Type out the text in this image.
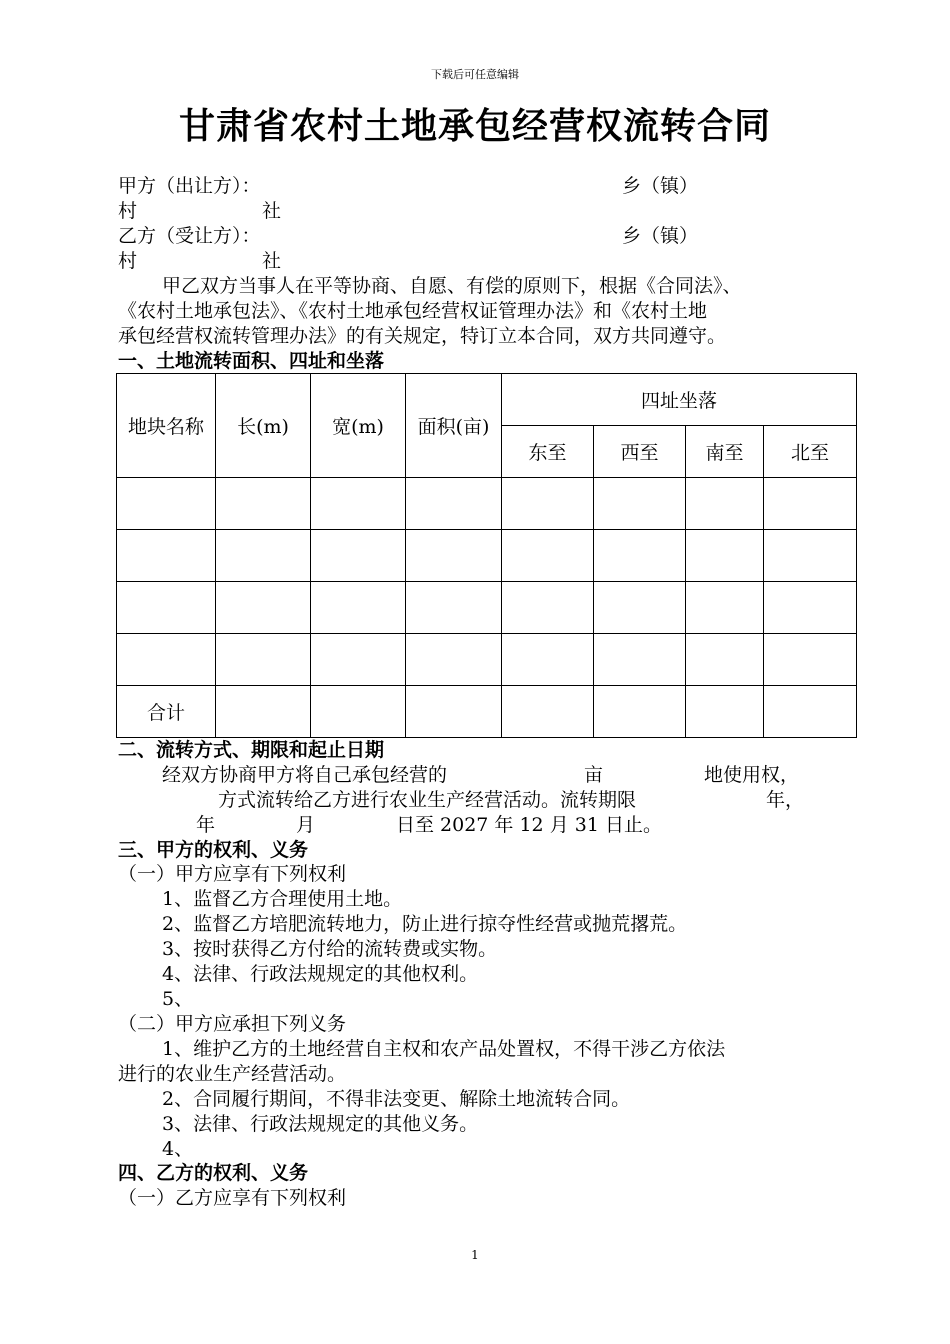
下载后可任意编辑
甘肃省农村土地承包经营权流转合同
甲方（出让方）：	乡（镇）
村	社
乙方（受让方）：	乡（镇）
村	社
甲乙双方当事人在平等协商、自愿、有偿的原则下，根据《合同法》、
《农村土地承包法》、《农村土地承包经营权证管理办法》和《农村土地
承包经营权流转管理办法》的有关规定，特订立本合同，双方共同遵守。
一、土地流转面积、四址和坐落
地块名称	长(m)	宽(m)	面积(亩)	四址坐落			
				东至	西至	南至	北至

合计							
二、流转方式、期限和起止日期
经双方协商甲方将自己承包经营的	亩	地使用权，
方式流转给乙方进行农业生产经营活动。流转期限	年，
年	月	日至 2027 年 12 月 31 日止。
三、甲方的权利、义务
（一）甲方应享有下列权利
1、监督乙方合理使用土地。
2、监督乙方培肥流转地力，防止进行掠夺性经营或抛荒撂荒。
3、按时获得乙方付给的流转费或实物。
4、法律、行政法规规定的其他权利。
5、
（二）甲方应承担下列义务
1、维护乙方的土地经营自主权和农产品处置权，不得干涉乙方依法
进行的农业生产经营活动。
2、合同履行期间，不得非法变更、解除土地流转合同。
3、法律、行政法规规定的其他义务。
4、
四、乙方的权利、义务
（一）乙方应享有下列权利
1
